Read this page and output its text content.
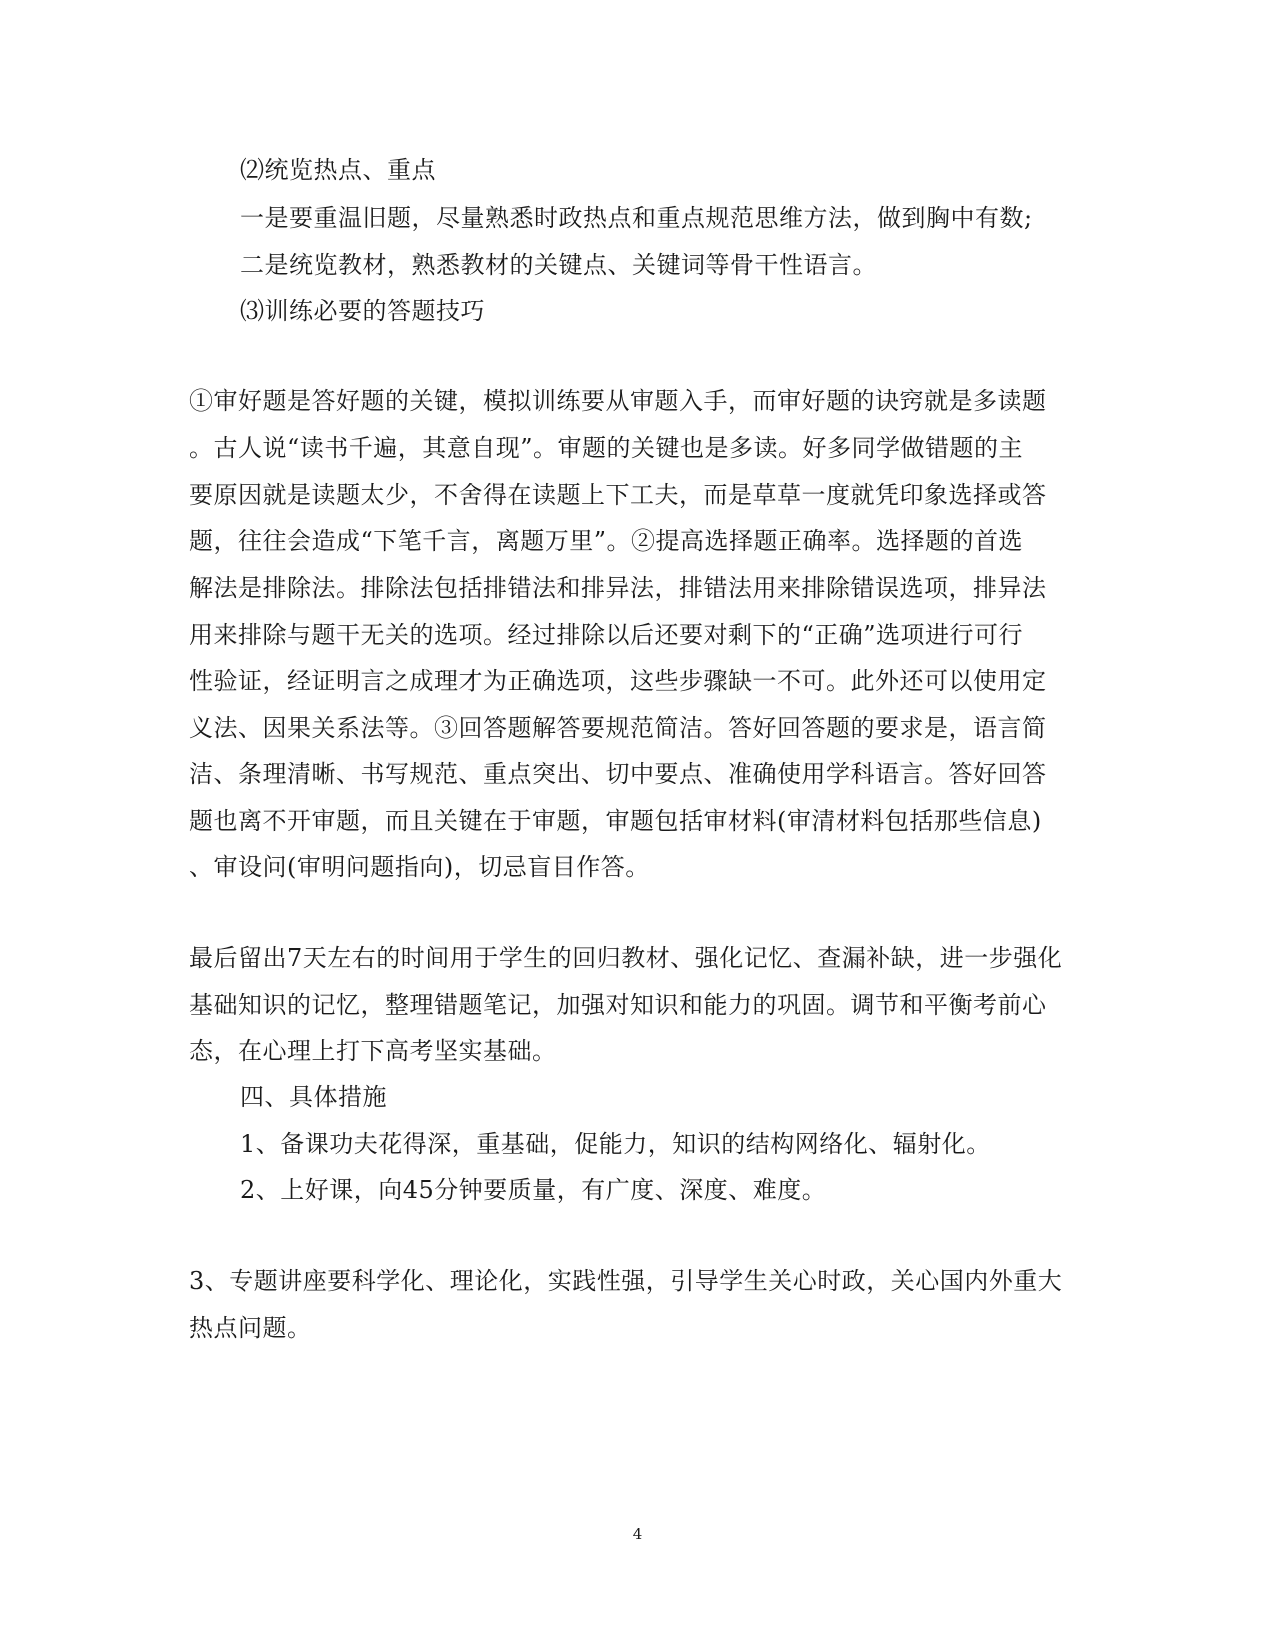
⑵统览热点、重点
一是要重温旧题，尽量熟悉时政热点和重点规范思维方法，做到胸中有数;
二是统览教材，熟悉教材的关键点、关键词等骨干性语言。
⑶训练必要的答题技巧
①审好题是答好题的关键，模拟训练要从审题入手，而审好题的诀窍就是多读题
。古人说“读书千遍，其意自现”。审题的关键也是多读。好多同学做错题的主
要原因就是读题太少，不舍得在读题上下工夫，而是草草一度就凭印象选择或答
题，往往会造成“下笔千言，离题万里”。②提高选择题正确率。选择题的首选
解法是排除法。排除法包括排错法和排异法，排错法用来排除错误选项，排异法
用来排除与题干无关的选项。经过排除以后还要对剩下的“正确”选项进行可行
性验证，经证明言之成理才为正确选项，这些步骤缺一不可。此外还可以使用定
义法、因果关系法等。③回答题解答要规范简洁。答好回答题的要求是，语言简
洁、条理清晰、书写规范、重点突出、切中要点、准确使用学科语言。答好回答
题也离不开审题，而且关键在于审题，审题包括审材料(审清材料包括那些信息)
、审设问(审明问题指向)，切忌盲目作答。
最后留出7天左右的时间用于学生的回归教材、强化记忆、查漏补缺，进一步强化
基础知识的记忆，整理错题笔记，加强对知识和能力的巩固。调节和平衡考前心
态，在心理上打下高考坚实基础。
四、具体措施
1、备课功夫花得深，重基础，促能力，知识的结构网络化、辐射化。
2、上好课，向45分钟要质量，有广度、深度、难度。
3、专题讲座要科学化、理论化，实践性强，引导学生关心时政，关心国内外重大
热点问题。
4
